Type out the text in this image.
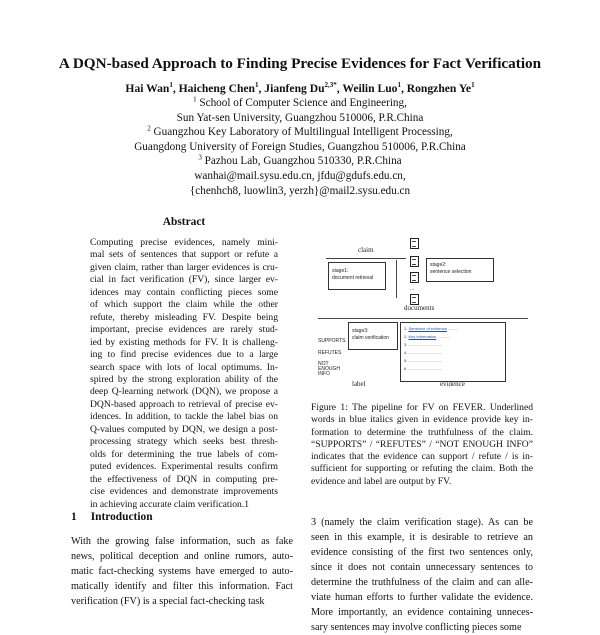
A DQN-based Approach to Finding Precise Evidences for Fact Verification
Hai Wan$^1$, Haicheng Chen$^1$, Jianfeng $Du^{2,3*}$, Weilin Luo$^1$, Rongzhen Ye$^1$
$^1$ School of Computer Science and Engineering,
Sun Yat-sen University, Guangzhou 510006, P.R.China
$^2$ Guangzhou Key Laboratory of Multilingual Intelligent Processing,
Guangdong University of Foreign Studies, Guangzhou 510006, P.R.China
$^3$ Pazhou Lab, Guangzhou 510330, P.R.China
wanhai@mail.sysu.edu.cn, jfdu@gdufs.edu.cn,
{chenhch8, luowlin3, yerzh}@mail2.sysu.edu.cn
Abstract
Computing precise evidences, namely mini-
mal sets of sentences that support or refute a
given claim, rather than larger evidences is cru-
cial in fact verification (FV), since larger ev-
idences may contain conflicting pieces some
of which support the claim while the other
refute, thereby misleading FV. Despite being
important, precise evidences are rarely stud-
ied by existing methods for FV. It is challeng-
ing to find precise evidences due to a large
search space with lots of local optimums. In-
spired by the strong exploration ability of the
deep Q-learning network (DQN), we propose a
DQN-based approach to retrieval of precise ev-
idences. In addition, to tackle the label bias on
Q-values computed by DQN, we design a post-
processing strategy which seeks best thresh-
olds for determining the true labels of com-
puted evidences. Experimental results confirm
the effectiveness of DQN in computing pre-
cise evidences and demonstrate improvements
in achieving accurate claim verification.1
1 Introduction
With the growing false information, such as fake
news, political deception and online rumors, auto-
matic fact-checking systems have emerged to auto-
matically identify and filter this information. Fact
verification (FV) is a special fact-checking task
claim
stage1:
document retrieval
...
documents
stage2:
sentence selection
stage3:
claim verification
SUPPORTS
REFUTES
NOT ENOUGH INFO
1. Sentence of evidence ........
2. Key information ...........
3. ..............................
4. ..............................
5. ..............................
6. ..............................
label	evidence
Figure 1: The pipeline for FV on FEVER. Underlined
words in blue italics given in evidence provide key in-
formation to determine the truthfulness of the claim.
“SUPPORTS” / “REFUTES” / “NOT ENOUGH INFO”
indicates that the evidence can support / refute / is in-
sufficient for supporting or refuting the claim. Both the
evidence and label are output by FV.
3 (namely the claim verification stage). As can be
seen in this example, it is desirable to retrieve an
evidence consisting of the first two sentences only,
since it does not contain unnecessary sentences to
determine the truthfulness of the claim and can alle-
viate human efforts to further validate the evidence.
More importantly, an evidence containing unneces-
sary sentences may involve conflicting pieces some
